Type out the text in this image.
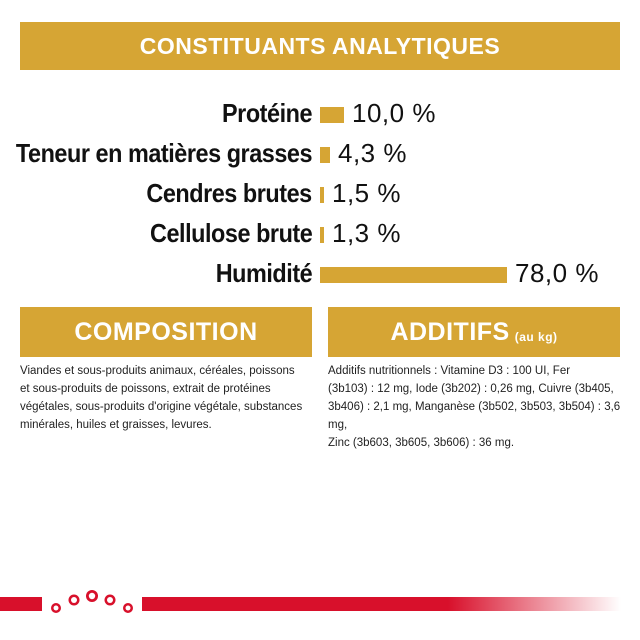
CONSTITUANTS ANALYTIQUES
Protéine 10,0 %
Teneur en matières grasses 4,3 %
Cendres brutes 1,5 %
Cellulose brute 1,3 %
Humidité	78,0 %
COMPOSITION	ADDITIFS (au kg)
Viandes et sous-produits animaux, céréales, poissons
et sous-produits de poissons, extrait de protéines
végétales, sous-produits d'origine végétale, substances
minérales, huiles et graisses, levures.
Additifs nutritionnels : Vitamine D3 : 100 UI, Fer
(3b103) : 12 mg, Iode (3b202) : 0,26 mg, Cuivre (3b405,
3b406) : 2,1 mg, Manganèse (3b502, 3b503, 3b504) : 3,6 mg,
Zinc (3b603, 3b605, 3b606) : 36 mg.
